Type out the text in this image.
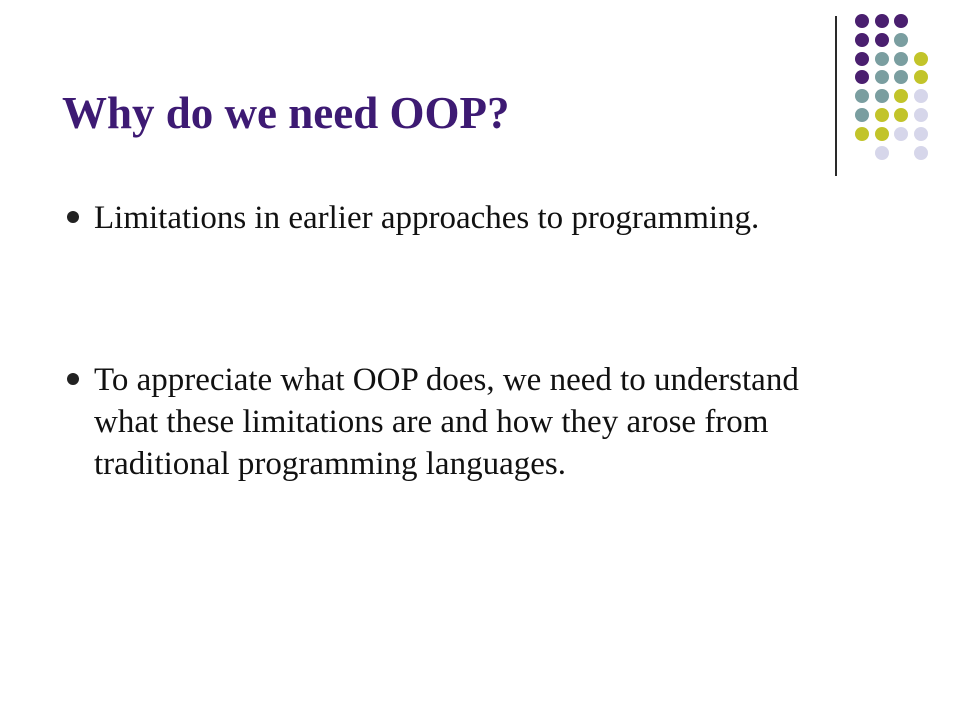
Why do we need OOP?
Limitations in earlier approaches to programming.
To appreciate what OOP does, we need to understand what these limitations are and how they arose from traditional programming languages.
